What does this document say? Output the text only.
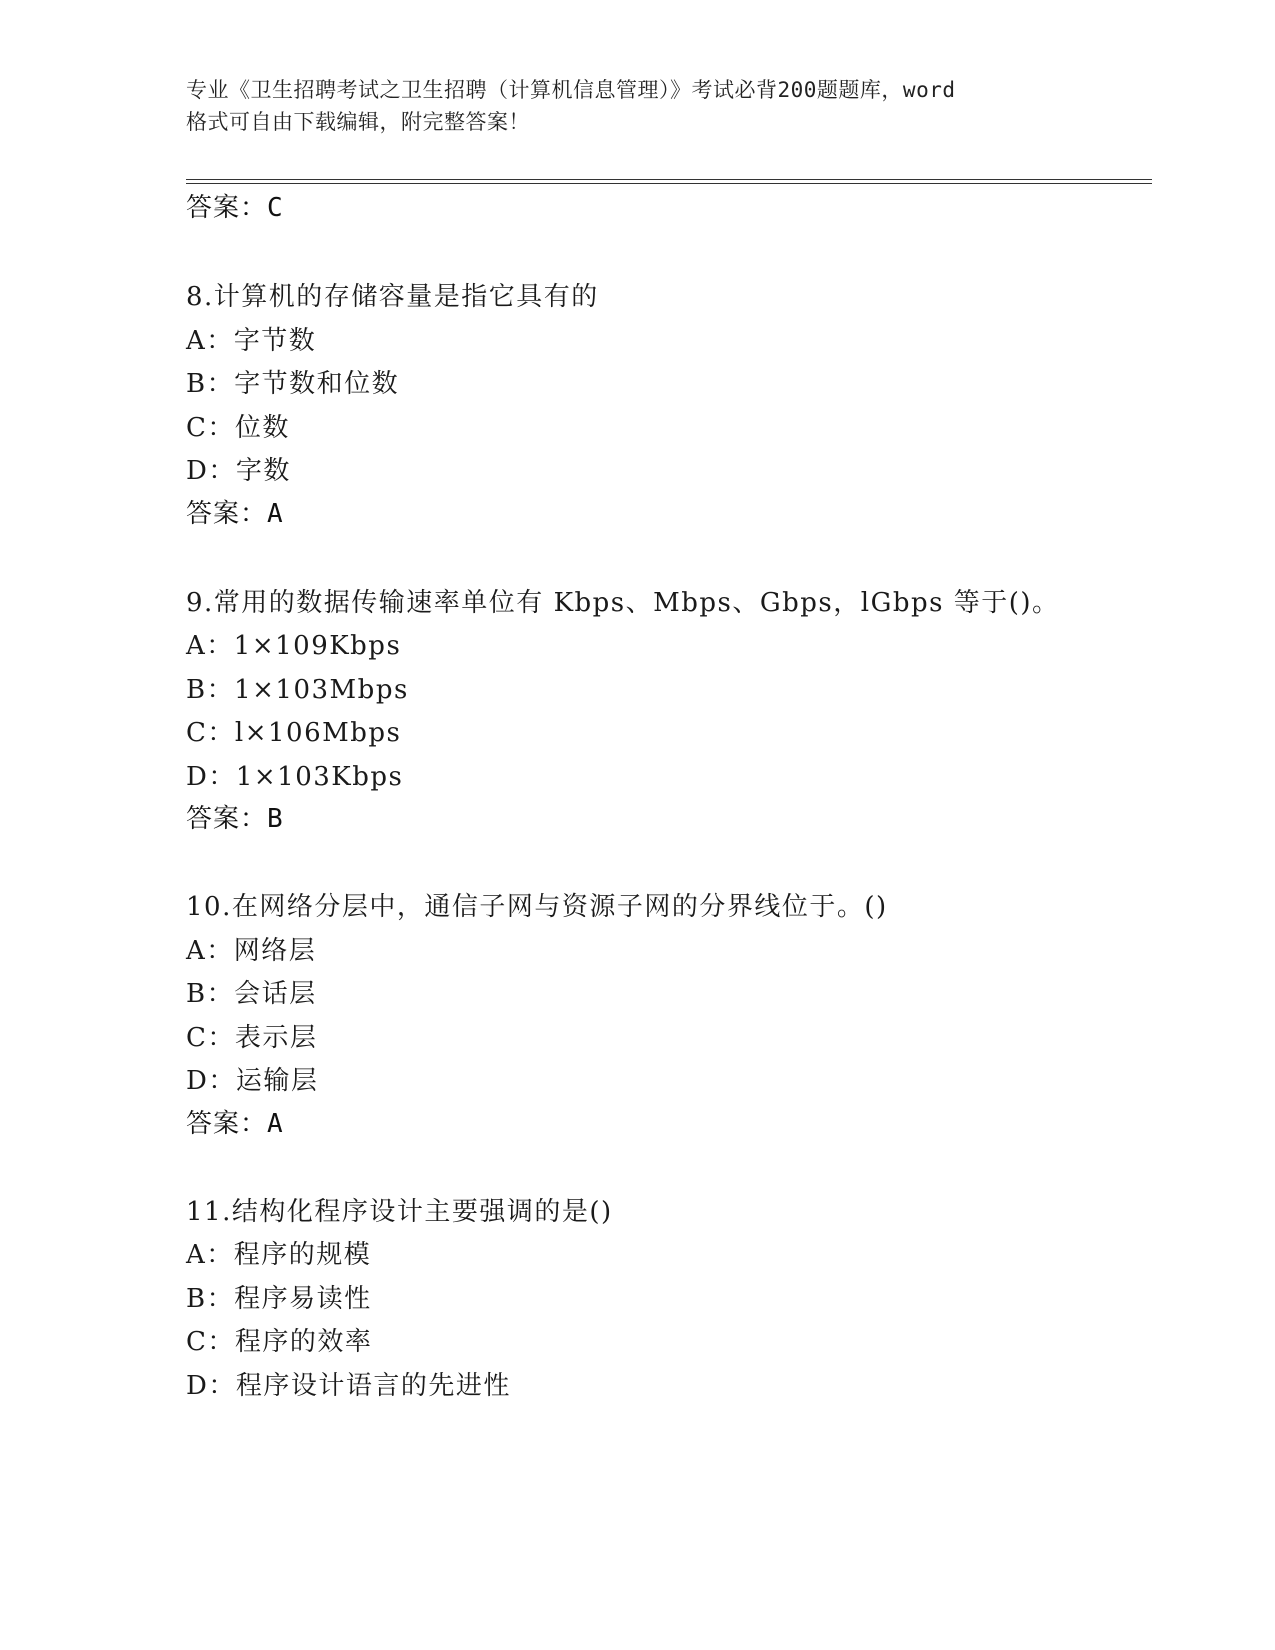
专业《卫生招聘考试之卫生招聘（计算机信息管理）》考试必背200题题库，word
格式可自由下载编辑，附完整答案！
答案：C
8.计算机的存储容量是指它具有的
A：字节数
B：字节数和位数
C：位数
D：字数
答案：A
9.常用的数据传输速率单位有 Kbps、Mbps、Gbps，lGbps 等于()。
A：1×109Kbps
B：1×103Mbps
C：l×106Mbps
D：1×103Kbps
答案：B
10.在网络分层中，通信子网与资源子网的分界线位于。()
A：网络层
B：会话层
C：表示层
D：运输层
答案：A
11.结构化程序设计主要强调的是()
A：程序的规模
B：程序易读性
C：程序的效率
D：程序设计语言的先进性
